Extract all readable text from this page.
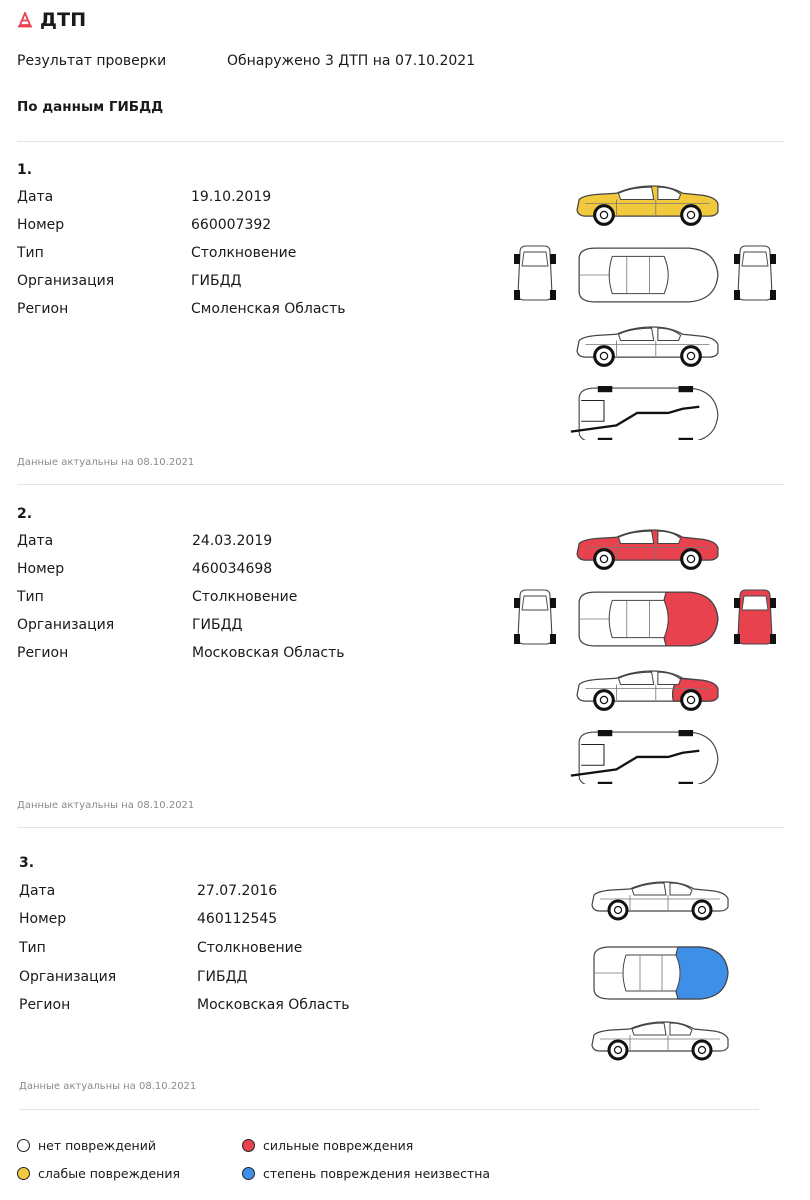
ДТП
Результат проверки	Обнаружено 3 ДТП на 07.10.2021
По данным ГИБДД
1.
Дата	19.10.2019
Номер	660007392
Тип	Столкновение
Организация	ГИБДД
Регион	Смоленская Область
Данные актуальны на 08.10.2021
2.
Дата	24.03.2019
Номер	460034698
Тип	Столкновение
Организация	ГИБДД
Регион	Московская Область
Данные актуальны на 08.10.2021
3.
Дата	27.07.2016
Номер	460112545
Тип	Столкновение
Организация	ГИБДД
Регион	Московская Область
Данные актуальны на 08.10.2021
нет повреждений	сильные повреждения
слабые повреждения	степень повреждения неизвестна
